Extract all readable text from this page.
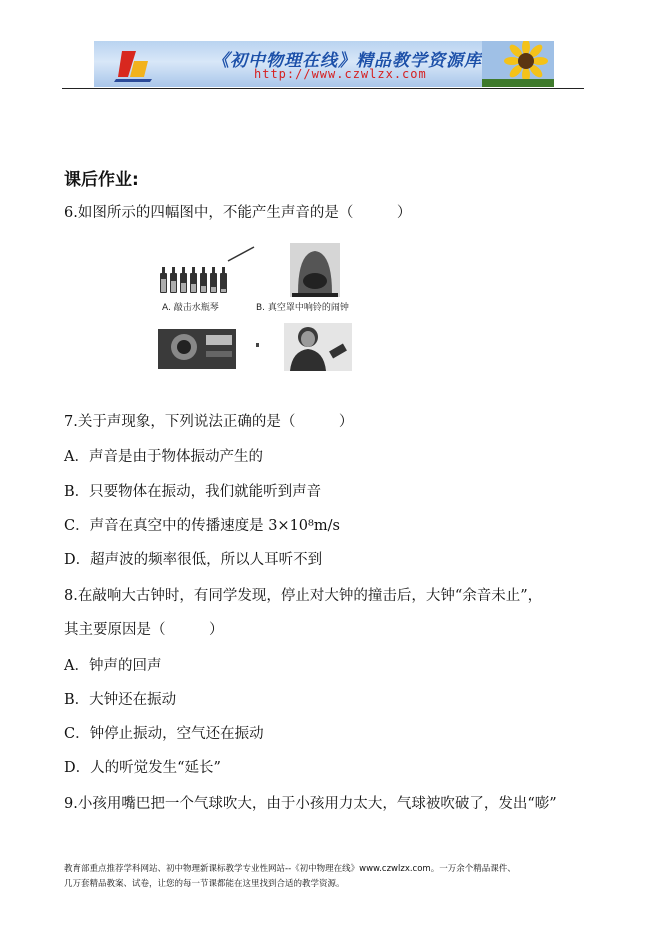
《初中物理在线》精品教学资源库
http://www.czwlzx.com
课后作业:
6.如图所示的四幅图中，不能产生声音的是（　　　）
A. 敲击水瓶琴	B. 真空罩中响铃的闹钟
7.关于声现象，下列说法正确的是（　　　）
A．声音是由于物体振动产生的
B．只要物体在振动，我们就能听到声音
C．声音在真空中的传播速度是 3×10⁸m/s
D．超声波的频率很低，所以人耳听不到
8.在敲响大古钟时，有同学发现，停止对大钟的撞击后，大钟“余音未止”，
其主要原因是（　　　）
A．钟声的回声
B．大钟还在振动
C．钟停止振动，空气还在振动
D．人的听觉发生“延长”
9.小孩用嘴巴把一个气球吹大，由于小孩用力太大，气球被吹破了，发出“嘭”
教育部重点推荐学科网站、初中物理新课标教学专业性网站--《初中物理在线》www.czwlzx.com。一万余个精品课件、
几万套精品教案、试卷，让您的每一节课都能在这里找到合适的教学资源。
